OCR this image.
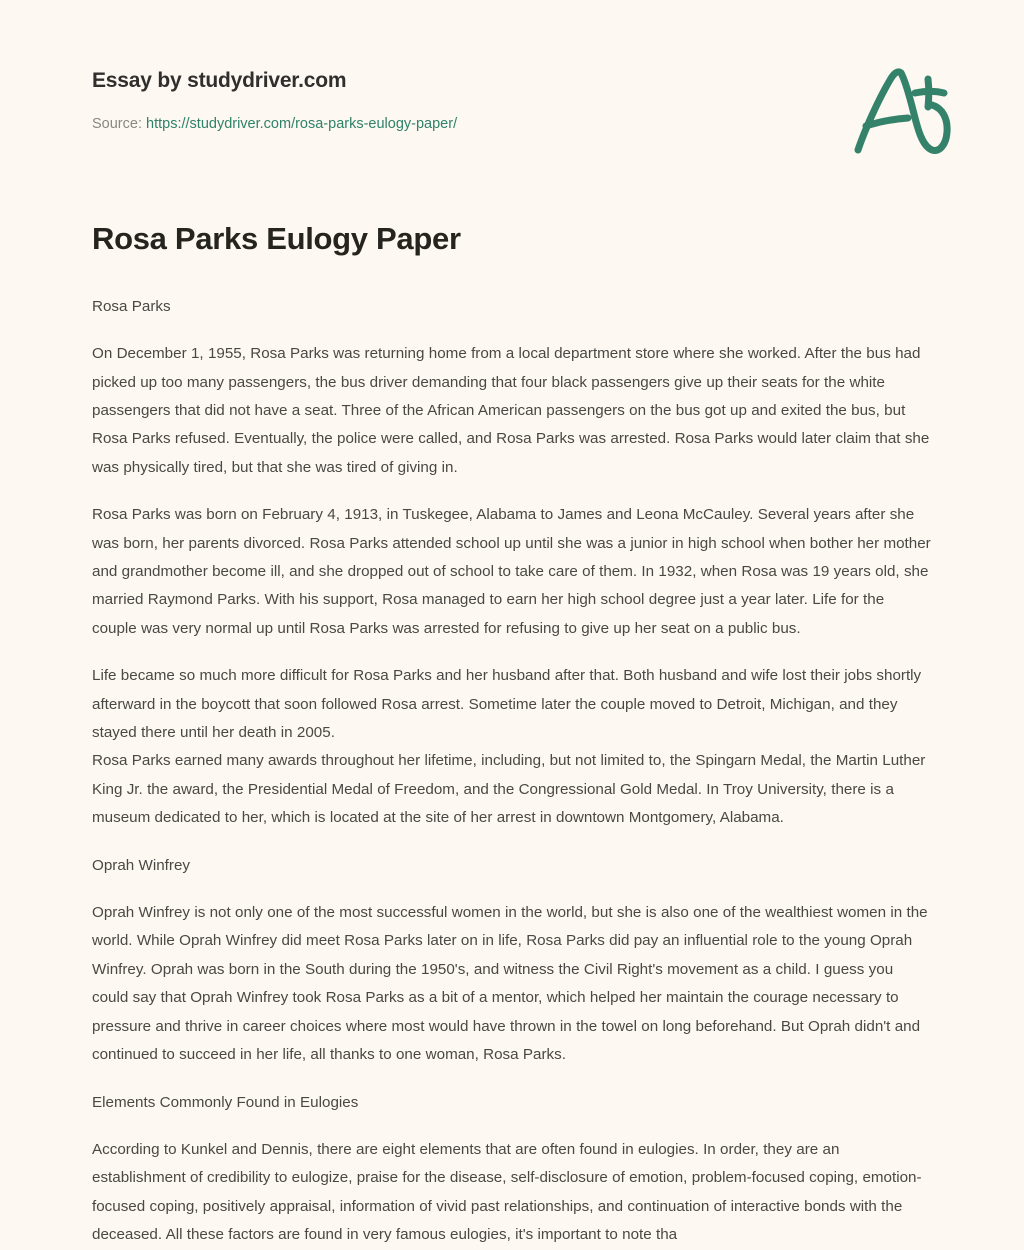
Essay by studydriver.com
Source: https://studydriver.com/rosa-parks-eulogy-paper/
Rosa Parks Eulogy Paper

Rosa Parks

On December 1, 1955, Rosa Parks was returning home from a local department store where she worked. After the bus had picked up too many passengers, the bus driver demanding that four black passengers give up their seats for the white passengers that did not have a seat. Three of the African American passengers on the bus got up and exited the bus, but Rosa Parks refused. Eventually, the police were called, and Rosa Parks was arrested. Rosa Parks would later claim that she was physically tired, but that she was tired of giving in.

Rosa Parks was born on February 4, 1913, in Tuskegee, Alabama to James and Leona McCauley. Several years after she was born, her parents divorced. Rosa Parks attended school up until she was a junior in high school when bother her mother and grandmother become ill, and she dropped out of school to take care of them. In 1932, when Rosa was 19 years old, she married Raymond Parks. With his support, Rosa managed to earn her high school degree just a year later. Life for the couple was very normal up until Rosa Parks was arrested for refusing to give up her seat on a public bus.

Life became so much more difficult for Rosa Parks and her husband after that. Both husband and wife lost their jobs shortly afterward in the boycott that soon followed Rosa arrest. Sometime later the couple moved to Detroit, Michigan, and they stayed there until her death in 2005.

Rosa Parks earned many awards throughout her lifetime, including, but not limited to, the Spingarn Medal, the Martin Luther King Jr. the award, the Presidential Medal of Freedom, and the Congressional Gold Medal. In Troy University, there is a museum dedicated to her, which is located at the site of her arrest in downtown Montgomery, Alabama.

Oprah Winfrey

Oprah Winfrey is not only one of the most successful women in the world, but she is also one of the wealthiest women in the world. While Oprah Winfrey did meet Rosa Parks later on in life, Rosa Parks did pay an influential role to the young Oprah Winfrey. Oprah was born in the South during the 1950's, and witness the Civil Right's movement as a child. I guess you could say that Oprah Winfrey took Rosa Parks as a bit of a mentor, which helped her maintain the courage necessary to pressure and thrive in career choices where most would have thrown in the towel on long beforehand. But Oprah didn't and continued to succeed in her life, all thanks to one woman, Rosa Parks.

Elements Commonly Found in Eulogies

According to Kunkel and Dennis, there are eight elements that are often found in eulogies. In order, they are an establishment of credibility to eulogize, praise for the disease, self-disclosure of emotion, problem-focused coping, emotion-focused coping, positively appraisal, information of vivid past relationships, and continuation of interactive bonds with the deceased. All these factors are found in very famous eulogies, it's important to note tha
